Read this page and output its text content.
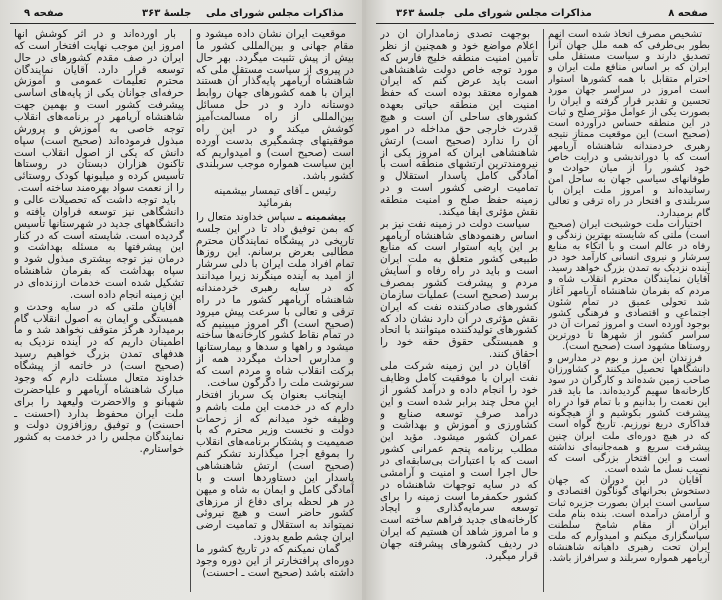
صفحه ۹	جلسهٔ ۳۶۳ مذاکرات مجلس شورای ملی

موقعیت ایران نشان داده میشود و مقام جهانی و بین‌المللی کشور ما بیش از پیش تثبیت میگردد. بهر حال در پیروی از سیاست مستقل ملی که شاهنشاه آریامهر پایه‌گذار آن هستند ایران با همه کشورهای جهان روابط دوستانه دارد و در حل مسائل بین‌المللی از راه مسالمت‌آمیز کوشش میکند و در این راه موفقیتهای چشمگیری بدست آورده است (صحیح است) و امیدواریم که این سیاست همواره موجب سربلندی کشور باشد.

رئیس ـ آقای تیمسار بیشمینه بفرمائید

بیشمینه ـ سپاس خداوند متعال را که بمن توفیق داد تا در این جلسه تاریخی در پیشگاه نمایندگان محترم مطالبی بعرض برسانم. این روزها تمام افراد ملت ایران با دلی سرشار از امید به آینده مینگرند زیرا میدانند که در سایه رهبری خردمندانه شاهنشاه آریامهر کشور ما در راه ترقی و تعالی با سرعت پیش میرود (صحیح است) اگر امروز میبینیم که در تمام نقاط کشور کارخانه‌ها ساخته میشود و راهها و سدها و بیمارستانها و مدارس احداث میگردد همه از برکت انقلاب شاه و مردم است که سرنوشت ملت را دگرگون ساخت.

اینجانب بعنوان یک سرباز افتخار دارم که در خدمت این ملت باشم و وظیفه خود میدانم که از زحمات دولت و نخست وزیر محترم که با صمیمیت و پشتکار برنامه‌های انقلاب را بموقع اجرا میگذارند تشکر کنم (صحیح است) ارتش شاهنشاهی پاسدار این دستاوردها است و با آمادگی کامل و ایمان به شاه و میهن در هر لحظه برای دفاع از مرزهای کشور حاضر است و هیچ نیروئی نمیتواند به استقلال و تمامیت ارضی ایران چشم طمع بدوزد.

گمان نمیکنم که در تاریخ کشور ما دوره‌ای پرافتخارتر از این دوره وجود داشته باشد (صحیح است ـ احسنت)

بار آورده‌اند و در اثر کوشش آنها امروز این موجب نهایت افتخار است که ایران در صف مقدم کشورهای در حال توسعه قرار دارد. آقایان نمایندگان محترم تعلیمات عمومی و آموزش حرفه‌ای جوانان یکی از پایه‌های اساسی پیشرفت کشور است و بهمین جهت شاهنشاه آریامهر در برنامه‌های انقلاب توجه خاصی به آموزش و پرورش مبذول فرموده‌اند (صحیح است) سپاه دانش که یکی از اصول انقلاب است تاکنون هزاران دبستان در روستاها تأسیس کرده و میلیونها کودک روستائی را از نعمت سواد بهره‌مند ساخته است.

باید توجه داشت که تحصیلات عالی و دانشگاهی نیز توسعه فراوان یافته و دانشگاههای جدید در شهرستانها تأسیس گردیده است. شایسته است که در کنار این پیشرفتها به مسئله بهداشت و درمان نیز توجه بیشتری مبذول شود و سپاه بهداشت که بفرمان شاهنشاه تشکیل شده است خدمات ارزنده‌ای در این زمینه انجام داده است.

آقایان ملتی که در سایه وحدت و همبستگی و ایمان به اصول انقلاب گام برمیدارد هرگز متوقف نخواهد شد و ما اطمینان داریم که در آینده نزدیک به هدفهای تمدن بزرگ خواهیم رسید (صحیح است) در خاتمه از پیشگاه خداوند متعال مسئلت دارم که وجود مبارک شاهنشاه آریامهر و علیاحضرت شهبانو و والاحضرت ولیعهد را برای ملت ایران محفوظ بدارد (احسنت ـ احسنت) و توفیق روزافزون دولت و نمایندگان مجلس را در خدمت به کشور خواستارم.

جلسهٔ ۳۶۳ مذاکرات مجلس شورای ملی	صفحه ۸

تشخیص مصرف اتخاذ شده است آنهم بطور بی‌طرفی که همه ملل جهان آنرا تصدیق دارند و سیاست مستقل ملی ایران که بر اساس منافع ملت ایران و احترام متقابل با همه کشورها استوار است امروز در سراسر جهان مورد تحسین و تقدیر قرار گرفته و ایران را بصورت یکی از عوامل مؤثر صلح و ثبات در این منطقه حساس درآورده است (صحیح است) این موقعیت ممتاز نتیجه رهبری خردمندانه شاهنشاه آریامهر است که با دوراندیشی و درایت خاص خود کشور را از میان حوادث و طوفانهای سیاسی جهان به ساحل امن رسانیده‌اند و امروز ملت ایران با سربلندی و افتخار در راه ترقی و تعالی گام برمیدارد.

اختیارات ملت خوشبخت ایران (صحیح است) ملتی که شایسته بهترین زندگی و رفاه در عالم است و با اتکاء به منابع سرشار و نیروی انسانی کارآمد خود در آینده نزدیک به تمدن بزرگ خواهد رسید. آقایان نمایندگان محترم انقلاب شاه و مردم که بفرمان شاهنشاه آریامهر آغاز شد تحولی عمیق در تمام شئون اجتماعی و اقتصادی و فرهنگی کشور بوجود آورده است و امروز ثمرات آن در سراسر کشور از شهرها تا دورترین روستاها مشهود است (صحیح است).

فرزندان این مرز و بوم در مدارس و دانشگاهها تحصیل میکنند و کشاورزان صاحب زمین شده‌اند و کارگران در سود کارخانه‌ها سهیم گردیده‌اند. ما باید قدر این نعمت را بدانیم و با تمام قوا در راه پیشرفت کشور بکوشیم و از هیچگونه فداکاری دریغ نورزیم. تاریخ گواه است که در هیچ دوره‌ای ملت ایران چنین پیشرفت سریع و همه‌جانبه‌ای نداشته است و این افتخار بزرگی است که نصیب نسل ما شده است.

آقایان در این دوران که جهان دستخوش بحرانهای گوناگون اقتصادی و سیاسی است ایران بصورت جزیره ثبات و آرامش درآمده است. بنده بنام ملت ایران از مقام شامخ سلطنت سپاسگزاری میکنم و امیدوارم که ملت ایران تحت رهبری داهیانه شاهنشاه آریامهر همواره سربلند و سرافراز باشد.

بوجهت تصدی زمامداران آن در اعلام مواضع خود و همچنین از نظر تأمین امنیت منطقه خلیج فارس که مورد توجه خاص دولت شاهنشاهی است باید عرض کنم که ایران همواره معتقد بوده است که حفظ امنیت این منطقه حیاتی بعهده کشورهای ساحلی آن است و هیچ قدرت خارجی حق مداخله در امور آن را ندارد (صحیح است) ارتش شاهنشاهی ایران که امروز یکی از نیرومندترین ارتشهای منطقه است با آمادگی کامل پاسدار استقلال و تمامیت ارضی کشور است و در زمینه حفظ صلح و امنیت منطقه نقش مؤثری ایفا میکند.

سیاست دولت در زمینه نفت نیز بر اساس رهنمودهای شاهنشاه آریامهر بر این پایه استوار است که منابع طبیعی کشور متعلق به ملت ایران است و باید در راه رفاه و آسایش مردم و پیشرفت کشور بمصرف برسد (صحیح است) عملیات سازمان کشورهای صادرکننده نفت که ایران نقش مؤثری در آن دارد نشان داد که کشورهای تولیدکننده میتوانند با اتحاد و همبستگی حقوق حقه خود را احقاق کنند.

آقایان در این زمینه شرکت ملی نفت ایران با موفقیت کامل وظایف خود را انجام داده و درآمد کشور از این محل چند برابر شده است و این درآمد صرف توسعه صنایع و کشاورزی و آموزش و بهداشت و عمران کشور میشود. مؤید این مطلب برنامه پنجم عمرانی کشور است که با اعتبارات بی‌سابقه‌ای در حال اجرا است و امنیت و آرامشی که در سایه توجهات شاهنشاه در کشور حکمفرما است زمینه را برای توسعه سرمایه‌گذاری و ایجاد کارخانه‌های جدید فراهم ساخته است و ما امروز شاهد آن هستیم که ایران در ردیف کشورهای پیشرفته جهان قرار میگیرد.
